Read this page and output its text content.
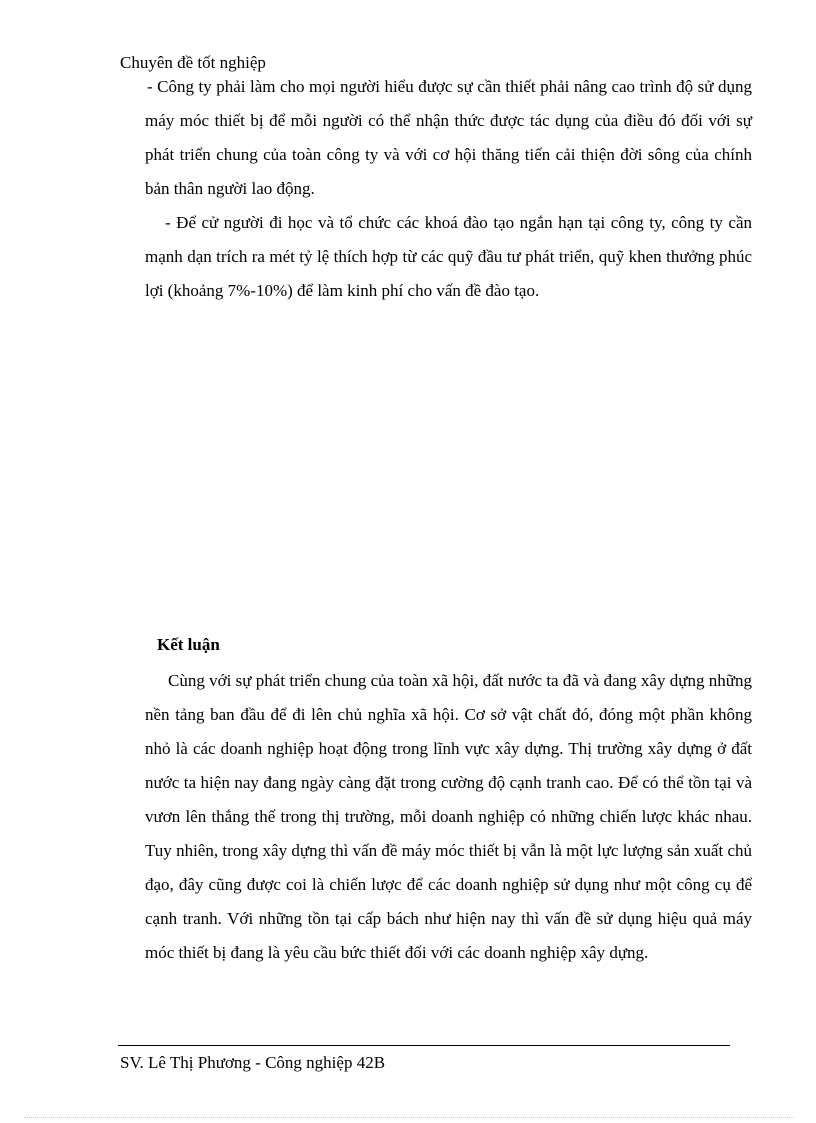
Chuyên đề tốt nghiệp

- Công ty phải làm cho mọi người hiểu được sự cần thiết phải nâng cao trình độ sử dụng máy móc thiết bị để mỗi người có thể nhận thức được tác dụng của điều đó đối với sự phát triển chung của toàn công ty và với cơ hội thăng tiến cải thiện đời sông của chính bản thân người lao động.

- Để cử người đi học và tổ chức các khoá đào tạo ngắn hạn tại công ty, công ty cần mạnh dạn trích ra mét tỷ lệ thích hợp từ các quỹ đầu tư phát triển, quỹ khen thưởng phúc lợi (khoảng 7%-10%) để làm kinh phí cho vấn đề đào tạo.

Kết luận

Cùng với sự phát triển chung của toàn xã hội, đất nước ta đã và đang xây dựng những nền tảng ban đầu để đi lên chủ nghĩa xã hội. Cơ sở vật chất đó, đóng một phần không nhỏ là các doanh nghiệp hoạt động trong lĩnh vực xây dựng. Thị trường xây dựng ở đất nước ta hiện nay đang ngày càng đặt trong cường độ cạnh tranh cao. Để có thể tồn tại và vươn lên thắng thế trong thị trường, mỗi doanh nghiệp có những chiến lược khác nhau. Tuy nhiên, trong xây dựng thì vấn đề máy móc thiết bị vẫn là một lực lượng sản xuất chủ đạo, đây cũng được coi là chiến lược để các doanh nghiệp sử dụng như một công cụ để cạnh tranh. Với những tồn tại cấp bách như hiện nay thì vấn đề sử dụng hiệu quả máy móc thiết bị đang là yêu cầu bức thiết đối với các doanh nghiệp xây dựng.

SV. Lê Thị Phương - Công nghiệp 42B
